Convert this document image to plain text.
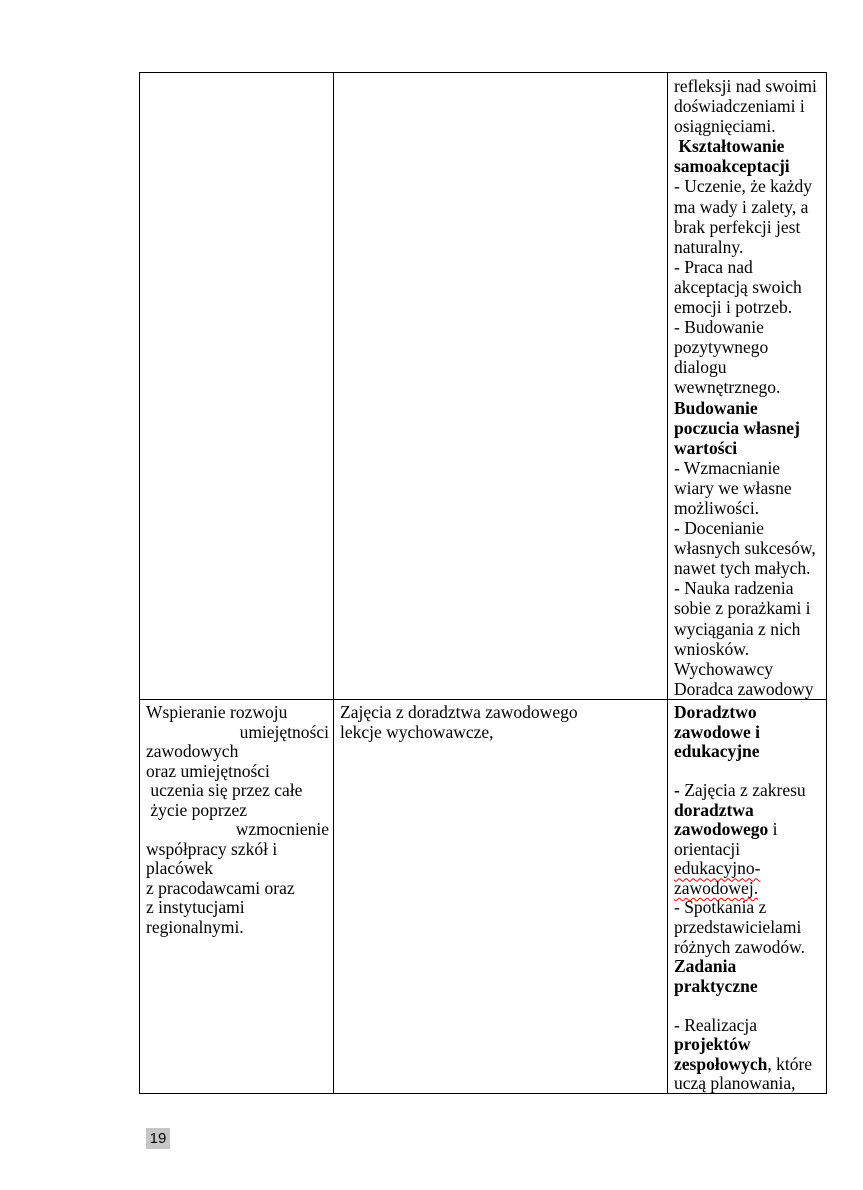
refleksji nad swoimi
doświadczeniami i
osiągnięciami.
Kształtowanie
samoakceptacji
- Uczenie, że każdy
ma wady i zalety, a
brak perfekcji jest
naturalny.
- Praca nad
akceptacją swoich
emocji i potrzeb.
- Budowanie
pozytywnego
dialogu
wewnętrznego.
Budowanie
poczucia własnej
wartości
- Wzmacnianie
wiary we własne
możliwości.
- Docenianie
własnych sukcesów,
nawet tych małych.
- Nauka radzenia
sobie z porażkami i
wyciągania z nich
wniosków.
Wychowawcy
Doradca zawodowy
Wspieranie rozwoju
umiejętności
zawodowych
oraz umiejętności
uczenia się przez całe
życie poprzez
wzmocnienie
współpracy szkół i
placówek
z pracodawcami oraz
z instytucjami
regionalnymi.
Zajęcia z doradztwa zawodowego
lekcje wychowawcze,
Doradztwo
zawodowe i
edukacyjne

- Zajęcia z zakresu
doradztwa
zawodowego i
orientacji
edukacyjno-
zawodowej.
- Spotkania z
przedstawicielami
różnych zawodów.
Zadania
praktyczne

- Realizacja
projektów
zespołowych, które
uczą planowania,
19
